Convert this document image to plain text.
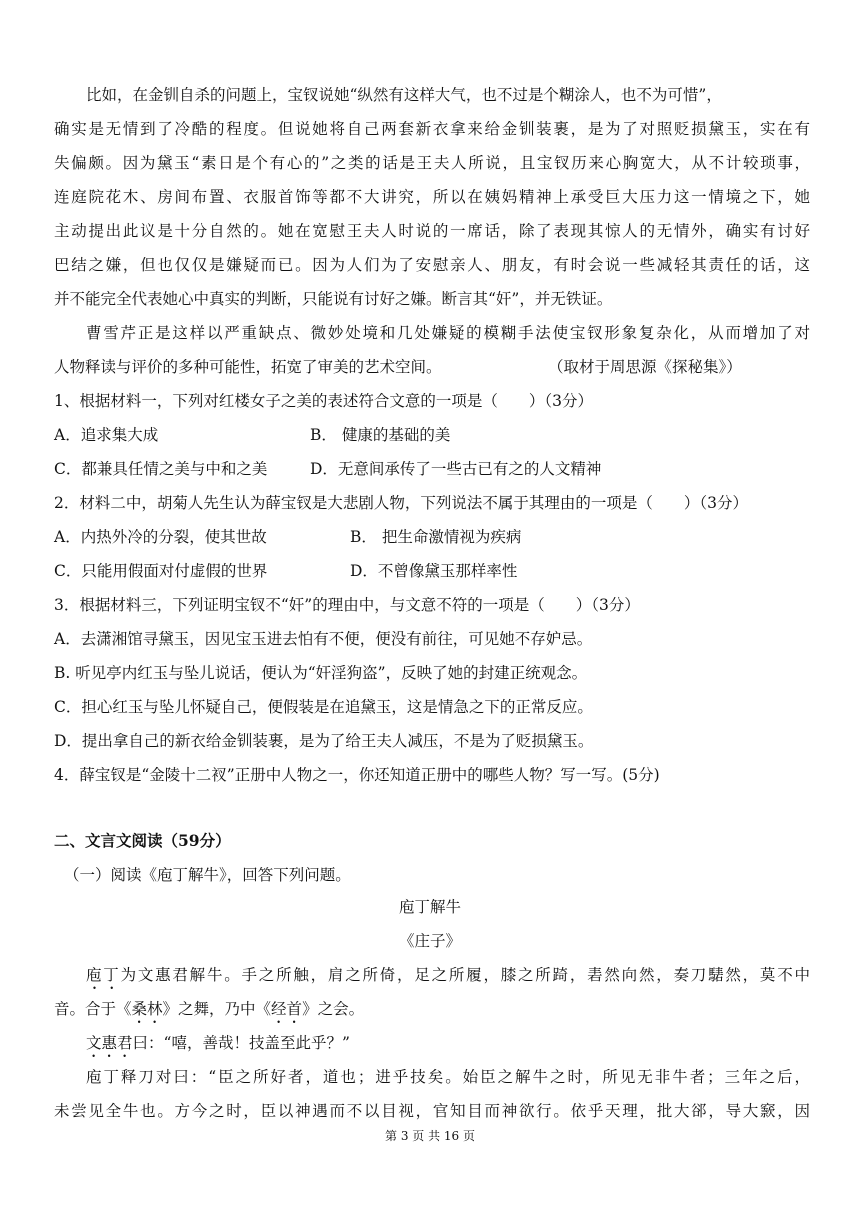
比如，在金钏自杀的问题上，宝钗说她“纵然有这样大气，也不过是个糊涂人，也不为可惜”，
确实是无情到了冷酷的程度。但说她将自己两套新衣拿来给金钏装裹，是为了对照贬损黛玉，实在有
失偏颇。因为黛玉“素日是个有心的”之类的话是王夫人所说，且宝钗历来心胸宽大，从不计较琐事，
连庭院花木、房间布置、衣服首饰等都不大讲究，所以在姨妈精神上承受巨大压力这一情境之下，她
主动提出此议是十分自然的。她在宽慰王夫人时说的一席话，除了表现其惊人的无情外，确实有讨好
巴结之嫌，但也仅仅是嫌疑而已。因为人们为了安慰亲人、朋友，有时会说一些减轻其责任的话，这
并不能完全代表她心中真实的判断，只能说有讨好之嫌。断言其“奸”，并无铁证。
曹雪芹正是这样以严重缺点、微妙处境和几处嫌疑的模糊手法使宝钗形象复杂化，从而增加了对
人物释读与评价的多种可能性，拓宽了审美的艺术空间。	（取材于周思源《探秘集》）
1、根据材料一，下列对红楼女子之美的表述符合文意的一项是（　　）（3分）
A．追求集大成	B． 健康的基础的美
C．都兼具任情之美与中和之美	D．无意间承传了一些古已有之的人文精神
2．材料二中，胡菊人先生认为薛宝钗是大悲剧人物，下列说法不属于其理由的一项是（　　）（3分）
A．内热外冷的分裂，使其世故	B． 把生命激情视为疾病
C．只能用假面对付虚假的世界	D．不曾像黛玉那样率性
3．根据材料三，下列证明宝钗不“奸”的理由中，与文意不符的一项是（　　）（3分）
A．去潇湘馆寻黛玉，因见宝玉进去怕有不便，便没有前往，可见她不存妒忌。
B. 听见亭内红玉与坠儿说话，便认为“奸淫狗盗”，反映了她的封建正统观念。
C．担心红玉与坠儿怀疑自己，便假装是在追黛玉，这是情急之下的正常反应。
D．提出拿自己的新衣给金钏装裹，是为了给王夫人减压，不是为了贬损黛玉。
4．薛宝钗是“金陵十二衩”正册中人物之一，你还知道正册中的哪些人物？写一写。(5分)
二、文言文阅读（59分）
（一）阅读《庖丁解牛》，回答下列问题。
庖丁解牛
《庄子》
庖丁为文惠君解牛。手之所触，肩之所倚，足之所履，膝之所踦，砉然向然，奏刀騞然，莫不中
音。合于《桑林》之舞，乃中《经首》之会。
文惠君曰：“嘻，善哉！技盖至此乎？”
庖丁释刀对曰：“臣之所好者，道也；进乎技矣。始臣之解牛之时，所见无非牛者；三年之后，
未尝见全牛也。方今之时，臣以神遇而不以目视，官知目而神欲行。依乎天理，批大郤，导大窾，因
第 3 页 共 16 页
